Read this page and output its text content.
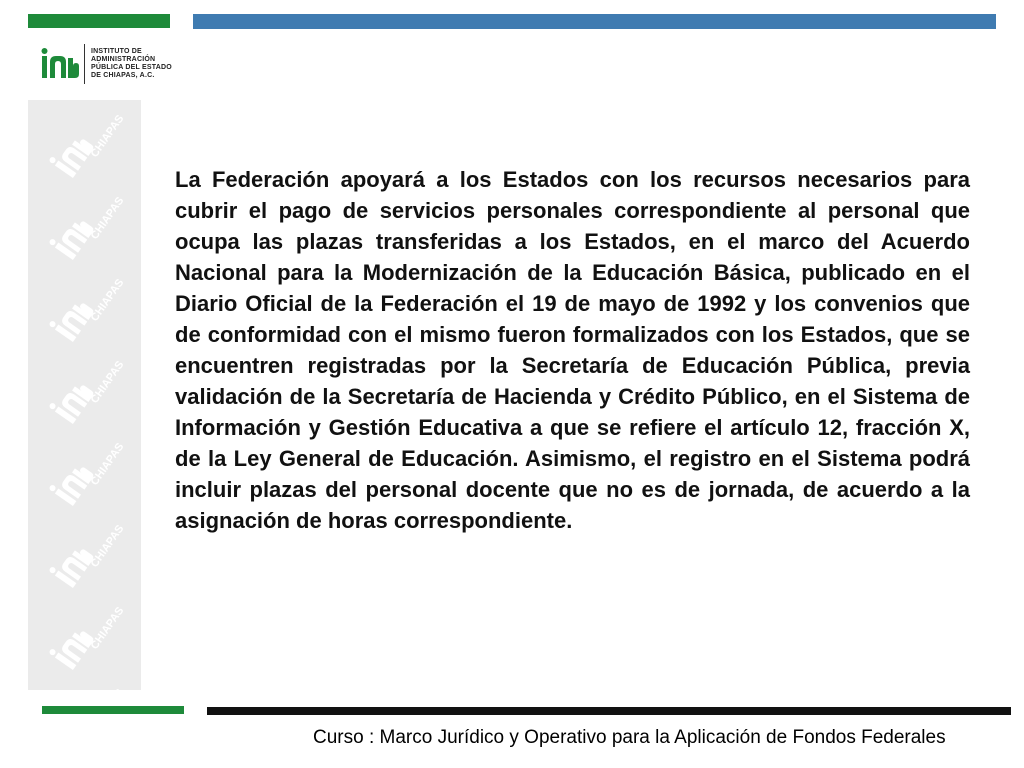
INSTITUTO DE
ADMINISTRACIÓN
PÚBLICA DEL ESTADO
DE CHIAPAS, A.C.
La Federación apoyará a los Estados con los recursos necesarios para cubrir el pago de servicios personales correspondiente al personal que ocupa las plazas transferidas a los Estados, en el marco del Acuerdo Nacional para la Modernización de la Educación Básica, publicado en el Diario Oficial de la Federación el 19 de mayo de 1992 y los convenios que de conformidad con el mismo fueron formalizados con los Estados, que se encuentren registradas por la Secretaría de Educación Pública, previa validación de la Secretaría de Hacienda y Crédito Público, en el Sistema de Información y Gestión Educativa a que se refiere el artículo 12, fracción X, de la Ley General de Educación. Asimismo, el registro en el Sistema podrá incluir plazas del personal docente que no es de jornada, de acuerdo a la asignación de horas correspondiente.
Curso : Marco Jurídico y Operativo para la Aplicación de Fondos Federales
